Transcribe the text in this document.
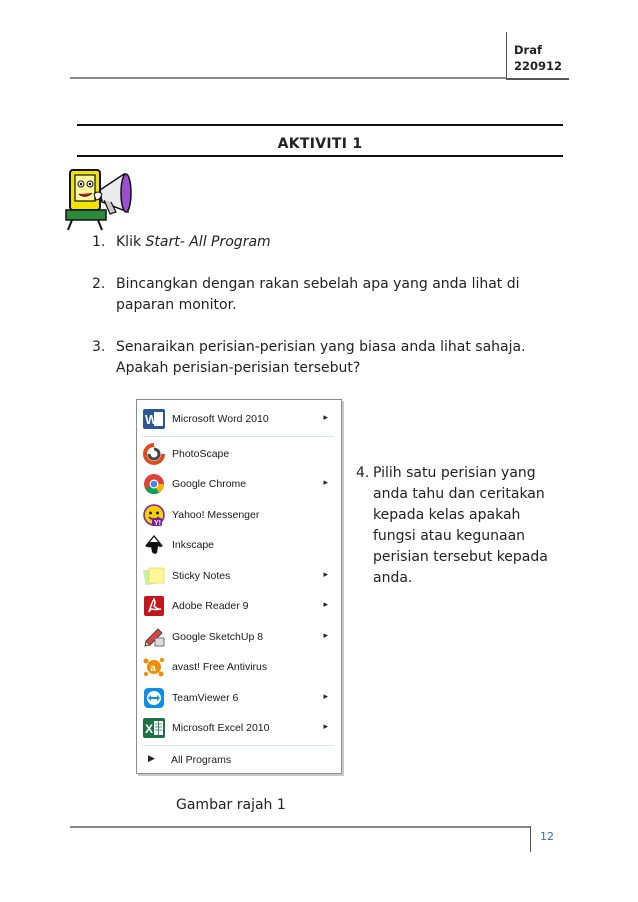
Draf
220912
AKTIVITI 1
1. Klik Start- All Program
2. Bincangkan dengan rakan sebelah apa yang anda lihat di paparan monitor.
3. Senaraikan perisian-perisian yang biasa anda lihat sahaja. Apakah perisian-perisian tersebut?
W Microsoft Word 2010	▸
PhotoScape
Google Chrome	▸
Y!
Yahoo! Messenger
Inkscape
Sticky Notes	▸
Adobe Reader 9	▸
Google SketchUp 8	▸
a avast! Free Antivirus
TeamViewer 6	▸
X Microsoft Excel 2010	▸
▶ All Programs
4. Pilih satu perisian yang anda tahu dan ceritakan kepada kelas apakah fungsi atau kegunaan perisian tersebut kepada anda.
Gambar rajah 1
12
